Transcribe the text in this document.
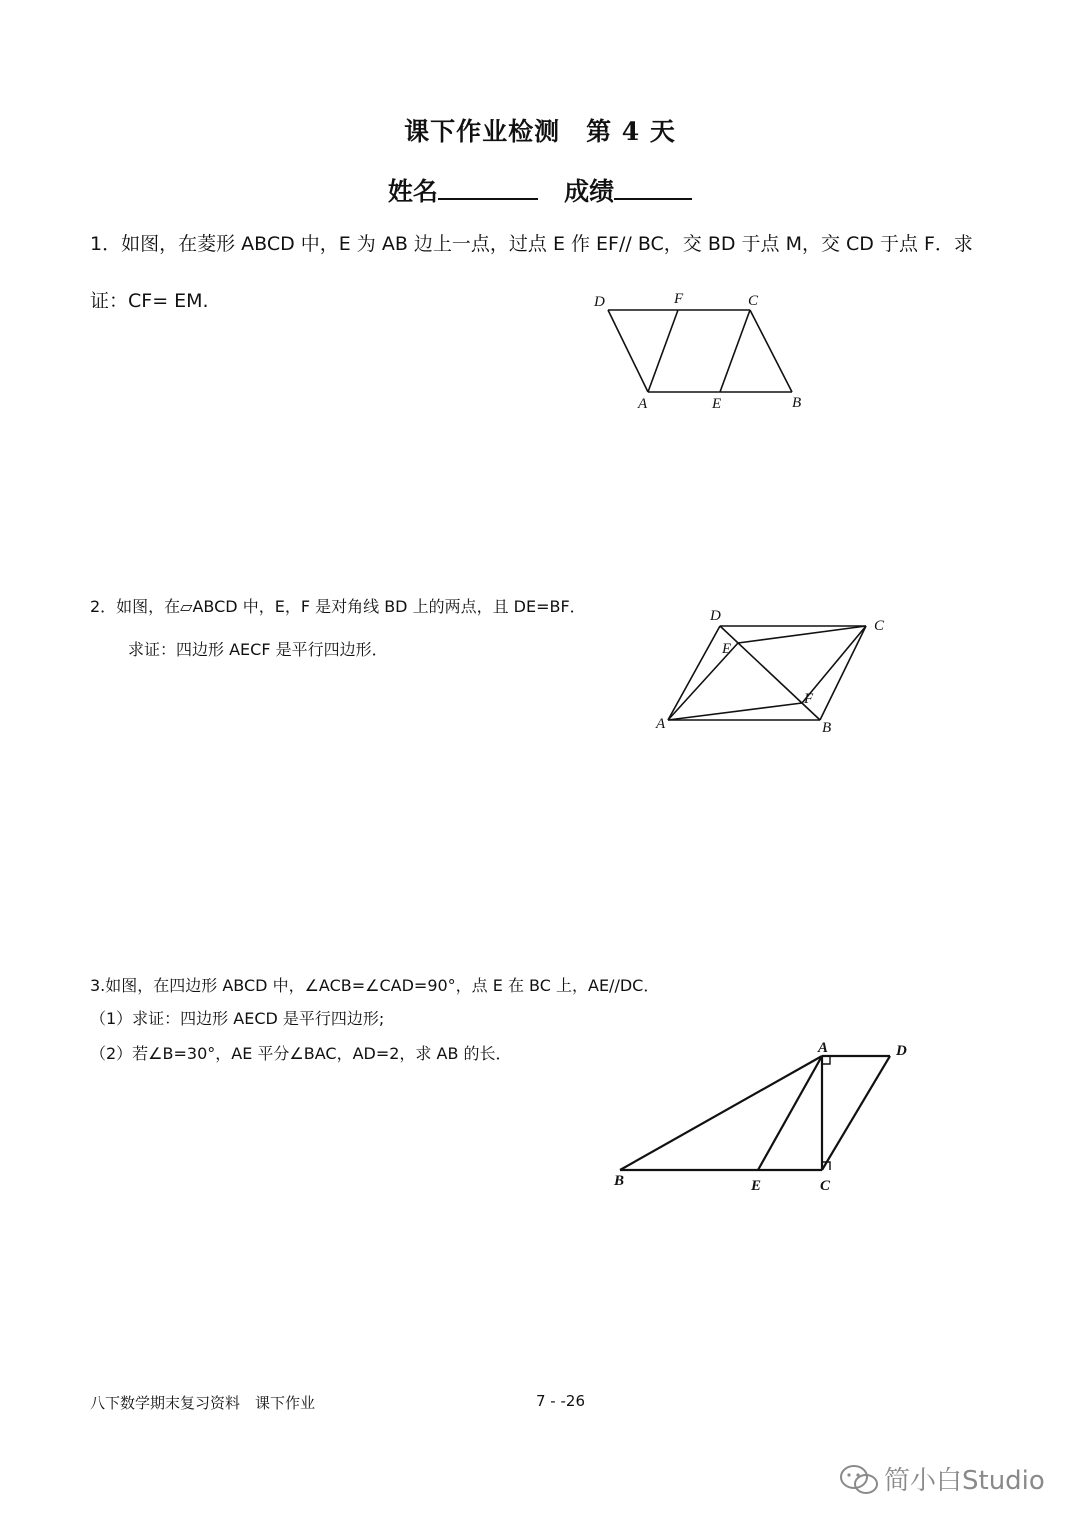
课下作业检测　第 4 天
姓名	成绩
1．如图，在菱形 ABCD 中，E 为 AB 边上一点，过点 E 作 EF// BC，交 BD 于点 M，交 CD 于点 F．求
证：CF= EM.	D	F	C
A	E	B
2．如图，在▱ABCD 中，E，F 是对角线 BD 上的两点，且 DE=BF．
求证：四边形 AECF 是平行四边形．
D
C
E
F
A	B
3.如图，在四边形 ABCD 中，∠ACB=∠CAD=90°，点 E 在 BC 上，AE//DC．
（1）求证：四边形 AECD 是平行四边形;
（2）若∠B=30°，AE 平分∠BAC，AD=2，求 AB 的长．	A	D
B	E	C
八下数学期末复习资料　课下作业	7 - -26
简小白Studio
